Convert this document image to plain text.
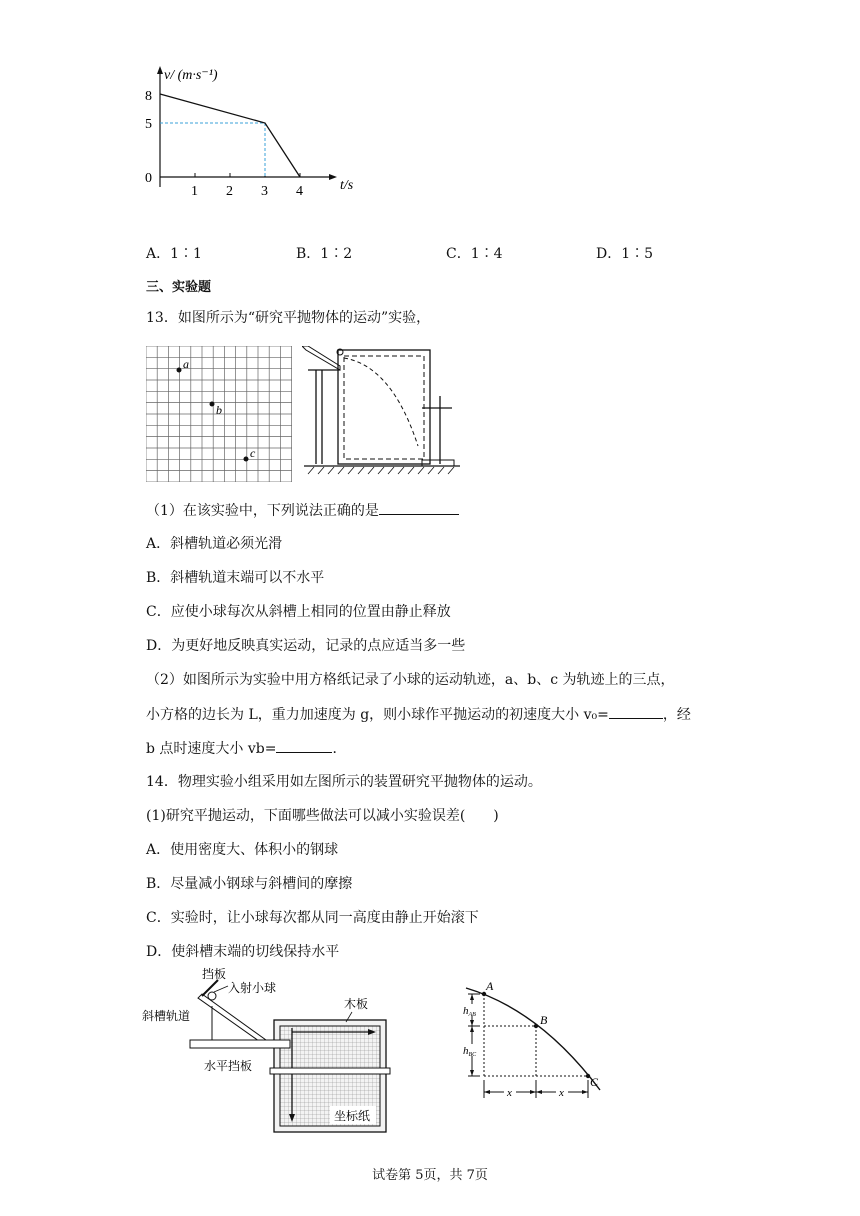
v/ (m·s⁻¹)
t/s
8
5
0
1 2 3 4
A．1∶1	B．1∶2	C．1∶4	D．1∶5
三、实验题
13．如图所示为“研究平抛物体的运动”实验，
a
b
c
（1）在该实验中，下列说法正确的是
A．斜槽轨道必须光滑
B．斜槽轨道末端可以不水平
C．应使小球每次从斜槽上相同的位置由静止释放
D．为更好地反映真实运动，记录的点应适当多一些
（2）如图所示为实验中用方格纸记录了小球的运动轨迹，a、b、c 为轨迹上的三点，
小方格的边长为 L，重力加速度为 g，则小球作平抛运动的初速度大小 v₀=	，经
b 点时速度大小 vb=	．
14．物理实验小组采用如左图所示的装置研究平抛物体的运动。
(1)研究平抛运动，下面哪些做法可以减小实验误差(　　)
A．使用密度大、体积小的钢球
B．尽量减小钢球与斜槽间的摩擦
C．实验时，让小球每次都从同一高度由静止开始滚下
D．使斜槽末端的切线保持水平
挡板
入射小球
斜槽轨道
木板
水平挡板
坐标纸
A
B
C
hAB
hBC
x	x
试卷第 5页，共 7页
